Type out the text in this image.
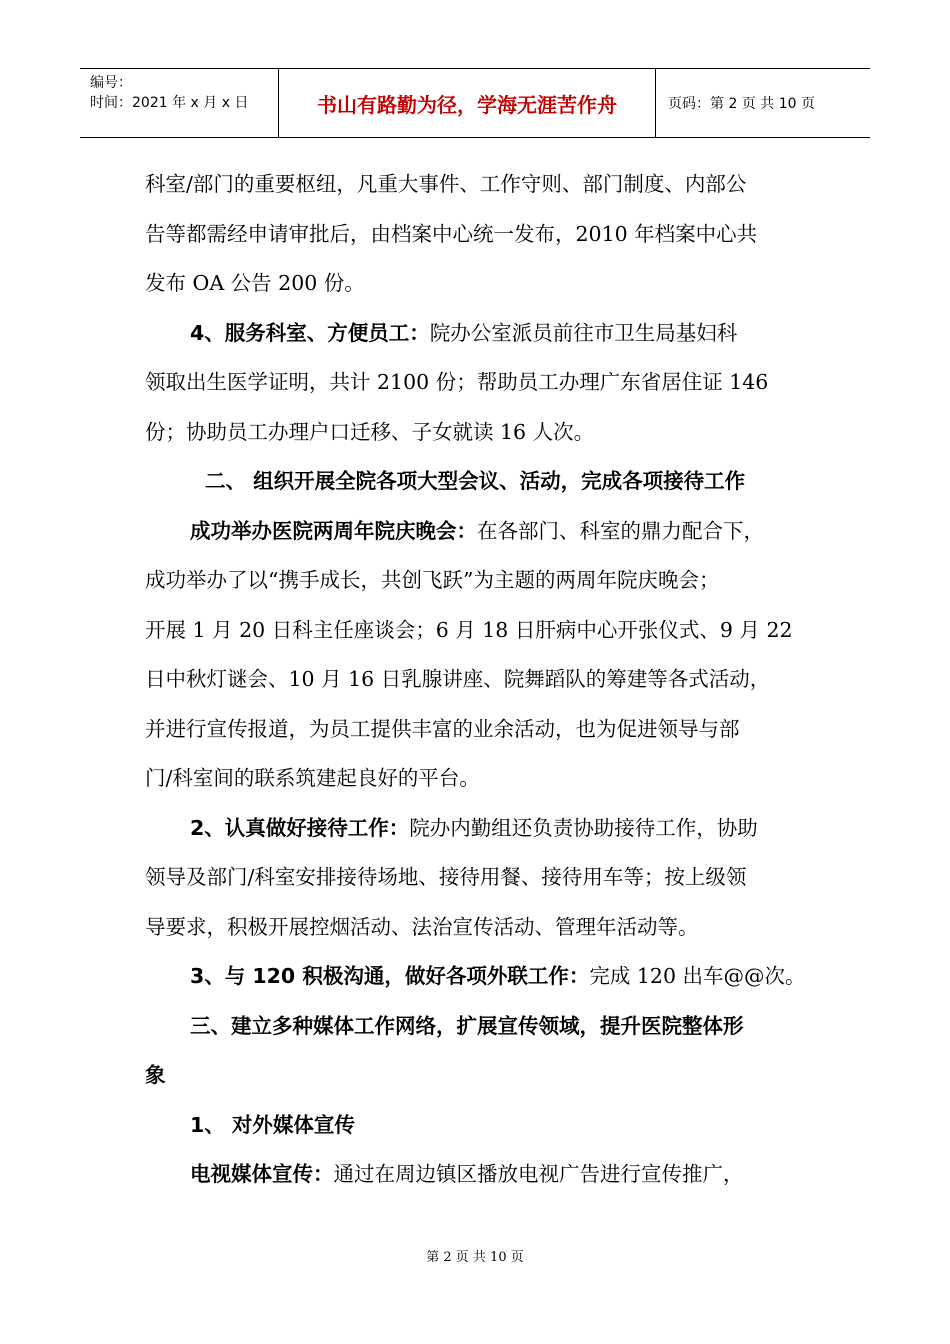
编号：
时间：2021 年 x 月 x 日	书山有路勤为径，学海无涯苦作舟	页码：第 2 页 共 10 页

科室/部门的重要枢纽，凡重大事件、工作守则、部门制度、内部公

告等都需经申请审批后，由档案中心统一发布，2010 年档案中心共

发布 OA 公告 200 份。

4、服务科室、方便员工：院办公室派员前往市卫生局基妇科

领取出生医学证明，共计 2100 份；帮助员工办理广东省居住证 146

份；协助员工办理户口迁移、子女就读 16 人次。

二、 组织开展全院各项大型会议、活动，完成各项接待工作

成功举办医院两周年院庆晚会：在各部门、科室的鼎力配合下，

成功举办了以“携手成长，共创飞跃”为主题的两周年院庆晚会；

开展 1 月 20 日科主任座谈会；6 月 18 日肝病中心开张仪式、9 月 22

日中秋灯谜会、10 月 16 日乳腺讲座、院舞蹈队的筹建等各式活动，

并进行宣传报道，为员工提供丰富的业余活动，也为促进领导与部

门/科室间的联系筑建起良好的平台。

2、认真做好接待工作：院办内勤组还负责协助接待工作，协助

领导及部门/科室安排接待场地、接待用餐、接待用车等；按上级领

导要求，积极开展控烟活动、法治宣传活动、管理年活动等。

3、与 120 积极沟通，做好各项外联工作：完成 120 出车@@次。

三、建立多种媒体工作网络，扩展宣传领域，提升医院整体形

象

1、 对外媒体宣传

电视媒体宣传：通过在周边镇区播放电视广告进行宣传推广，

第 2 页 共 10 页
